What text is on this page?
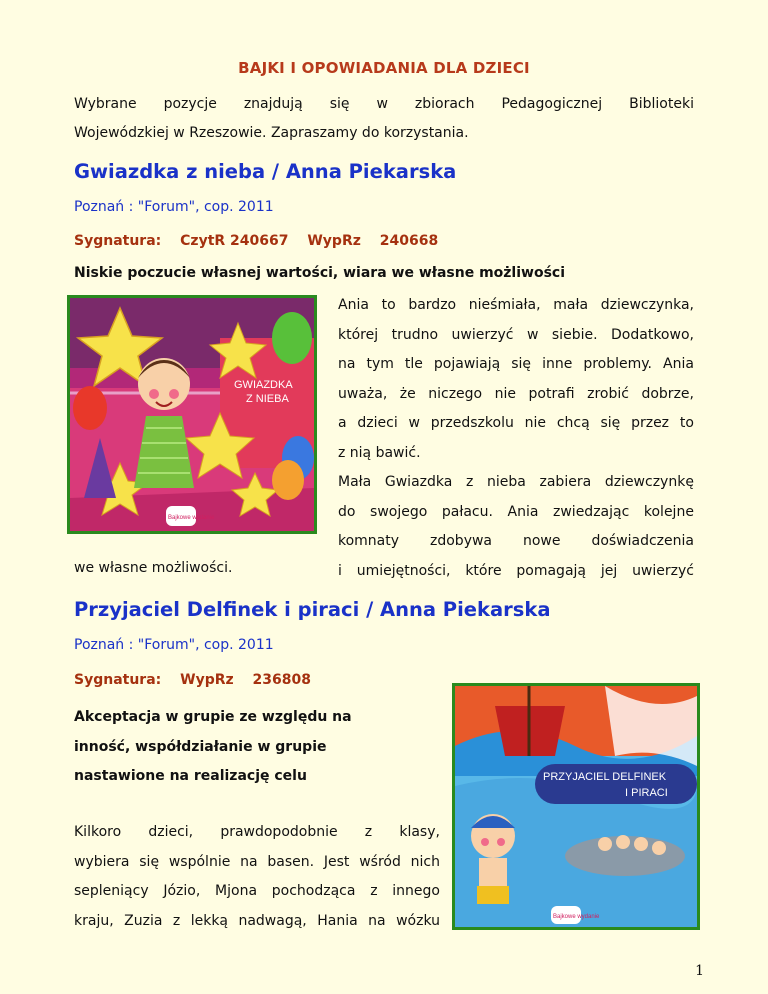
BAJKI I OPOWIADANIA DLA DZIECI
Wybrane pozycje znajdują się w zbiorach Pedagogicznej Biblioteki
Wojewódzkiej w Rzeszowie. Zapraszamy do korzystania.
Gwiazdka z nieba / Anna Piekarska
Poznań : "Forum", cop. 2011
Sygnatura: CzytR 240667 WypRz 240668
Niskie poczucie własnej wartości, wiara we własne możliwości
GWIAZDKA
Z NIEBA
Bajkowe wydanie
Ania to bardzo nieśmiała, mała dziewczynka,
której trudno uwierzyć w siebie. Dodatkowo,
na tym tle pojawiają się inne problemy. Ania
uważa, że niczego nie potrafi zrobić dobrze,
a dzieci w przedszkolu nie chcą się przez to
z nią bawić.
Mała Gwiazdka z nieba zabiera dziewczynkę
do swojego pałacu. Ania zwiedzając kolejne
komnaty zdobywa nowe doświadczenia
i umiejętności, które pomagają jej uwierzyć
we własne możliwości.
Przyjaciel Delfinek i piraci / Anna Piekarska
Poznań : "Forum", cop. 2011
Sygnatura: WypRz 236808
Akceptacja w grupie ze względu na
inność, współdziałanie w grupie
nastawione na realizację celu	PRZYJACIEL DELFINEK
I PIRACI
Bajkowe wydanie
Kilkoro dzieci, prawdopodobnie z klasy,
wybiera się wspólnie na basen. Jest wśród nich
sepleniący Józio, Mjona pochodząca z innego
kraju, Zuzia z lekką nadwagą, Hania na wózku
1
